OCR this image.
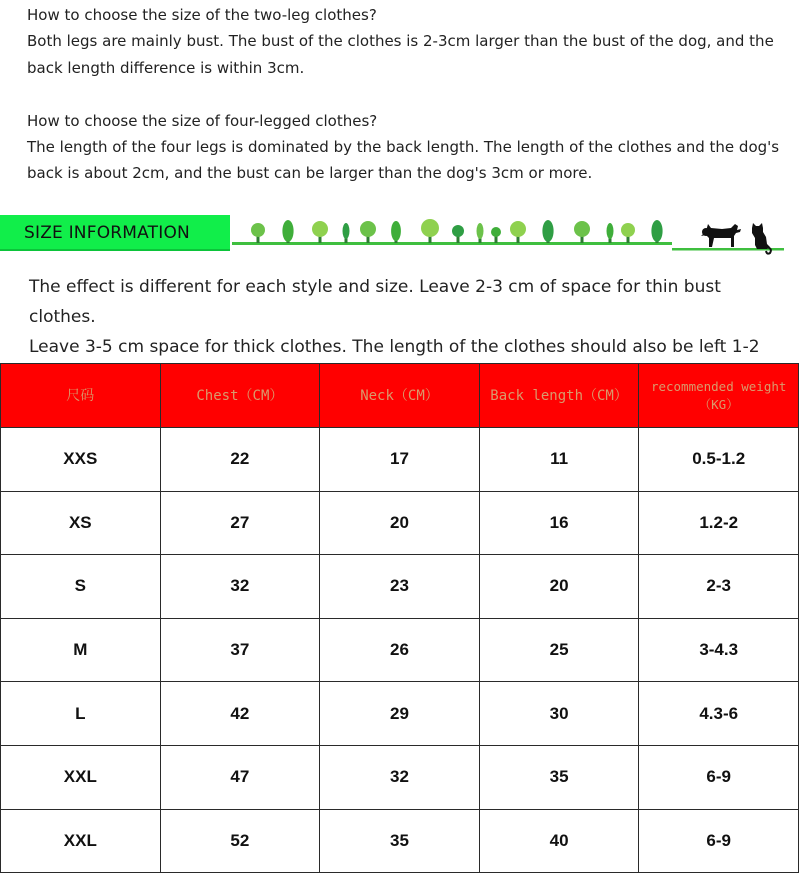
How to choose the size of the two-leg clothes?

Both legs are mainly bust. The bust of the clothes is 2-3cm larger than the bust of the dog, and the

back length difference is within 3cm.

How to choose the size of four-legged clothes?

The length of the four legs is dominated by the back length. The length of the clothes and the dog's

back is about 2cm, and the bust can be larger than the dog's 3cm or more.

SIZE INFORMATION

The effect is different for each style and size. Leave 2-3 cm of space for thin bust clothes.

Leave 3-5 cm space for thick clothes. The length of the clothes should also be left 1-2

尺码	Chest（CM）	Neck（CM）	Back length（CM）	recommended weight（KG）
XXS	22	17	11	0.5-1.2
XS	27	20	16	1.2-2
S	32	23	20	2-3
M	37	26	25	3-4.3
L	42	29	30	4.3-6
XXL	47	32	35	6-9
XXL	52	35	40	6-9
